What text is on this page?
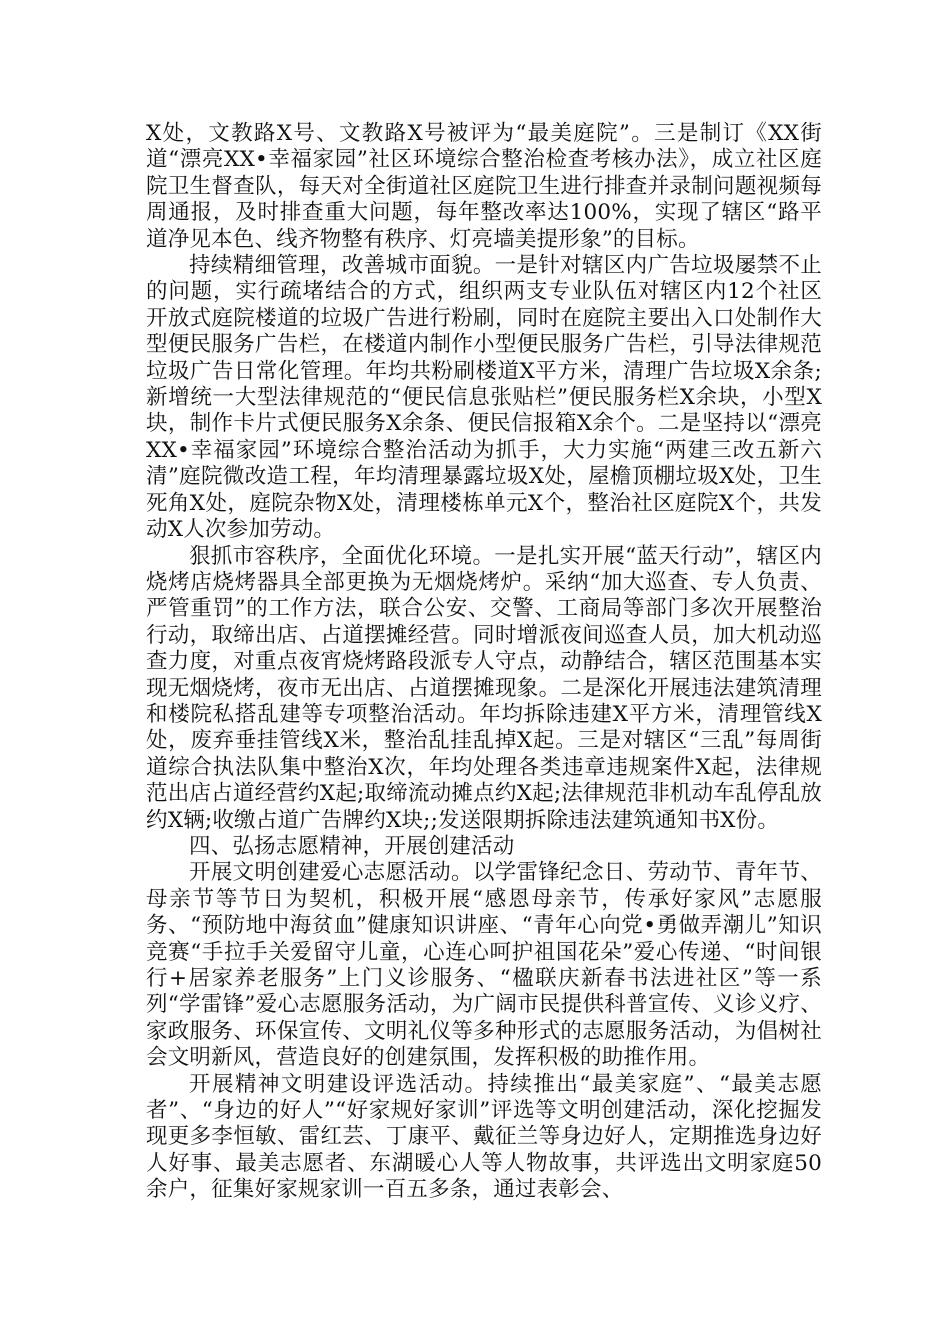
X处，文教路X号、文教路X号被评为“最美庭院”。三是制订《XX街道“漂亮XX•幸福家园”社区环境综合整治检查考核办法》，成立社区庭院卫生督查队，每天对全街道社区庭院卫生进行排查并录制问题视频每周通报，及时排查重大问题，每年整改率达100%，实现了辖区“路平道净见本色、线齐物整有秩序、灯亮墙美提形象”的目标。

持续精细管理，改善城市面貌。一是针对辖区内广告垃圾屡禁不止的问题，实行疏堵结合的方式，组织两支专业队伍对辖区内12个社区开放式庭院楼道的垃圾广告进行粉刷，同时在庭院主要出入口处制作大型便民服务广告栏，在楼道内制作小型便民服务广告栏，引导法律规范垃圾广告日常化管理。年均共粉刷楼道X平方米，清理广告垃圾X余条;新增统一大型法律规范的“便民信息张贴栏”便民服务栏X余块，小型X块，制作卡片式便民服务X余条、便民信报箱X余个。二是坚持以“漂亮XX•幸福家园”环境综合整治活动为抓手，大力实施“两建三改五新六清”庭院微改造工程，年均清理暴露垃圾X处，屋檐顶棚垃圾X处，卫生死角X处，庭院杂物X处，清理楼栋单元X个，整治社区庭院X个，共发动X人次参加劳动。

狠抓市容秩序，全面优化环境。一是扎实开展“蓝天行动”，辖区内烧烤店烧烤器具全部更换为无烟烧烤炉。采纳“加大巡查、专人负责、严管重罚”的工作方法，联合公安、交警、工商局等部门多次开展整治行动，取缔出店、占道摆摊经营。同时增派夜间巡查人员，加大机动巡查力度，对重点夜宵烧烤路段派专人守点，动静结合，辖区范围基本实现无烟烧烤，夜市无出店、占道摆摊现象。二是深化开展违法建筑清理和楼院私搭乱建等专项整治活动。年均拆除违建X平方米，清理管线X处，废弃垂挂管线X米，整治乱挂乱掉X起。三是对辖区“三乱”每周街道综合执法队集中整治X次，年均处理各类违章违规案件X起，法律规范出店占道经营约X起;取缔流动摊点约X起;法律规范非机动车乱停乱放约X辆;收缴占道广告牌约X块;;发送限期拆除违法建筑通知书X份。

四、弘扬志愿精神，开展创建活动

开展文明创建爱心志愿活动。以学雷锋纪念日、劳动节、青年节、母亲节等节日为契机，积极开展“感恩母亲节，传承好家风”志愿服务、“预防地中海贫血”健康知识讲座、“青年心向党•勇做弄潮儿”知识竞赛“手拉手关爱留守儿童，心连心呵护祖国花朵”爱心传递、“时间银行+居家养老服务”上门义诊服务、“楹联庆新春书法进社区”等一系列“学雷锋”爱心志愿服务活动，为广阔市民提供科普宣传、义诊义疗、家政服务、环保宣传、文明礼仪等多种形式的志愿服务活动，为倡树社会文明新风，营造良好的创建氛围，发挥积极的助推作用。

开展精神文明建设评选活动。持续推出“最美家庭”、“最美志愿者”、“身边的好人”“好家规好家训”评选等文明创建活动，深化挖掘发现更多李恒敏、雷红芸、丁康平、戴征兰等身边好人，定期推选身边好人好事、最美志愿者、东湖暖心人等人物故事，共评选出文明家庭50余户，征集好家规家训一百五多条，通过表彰会、
